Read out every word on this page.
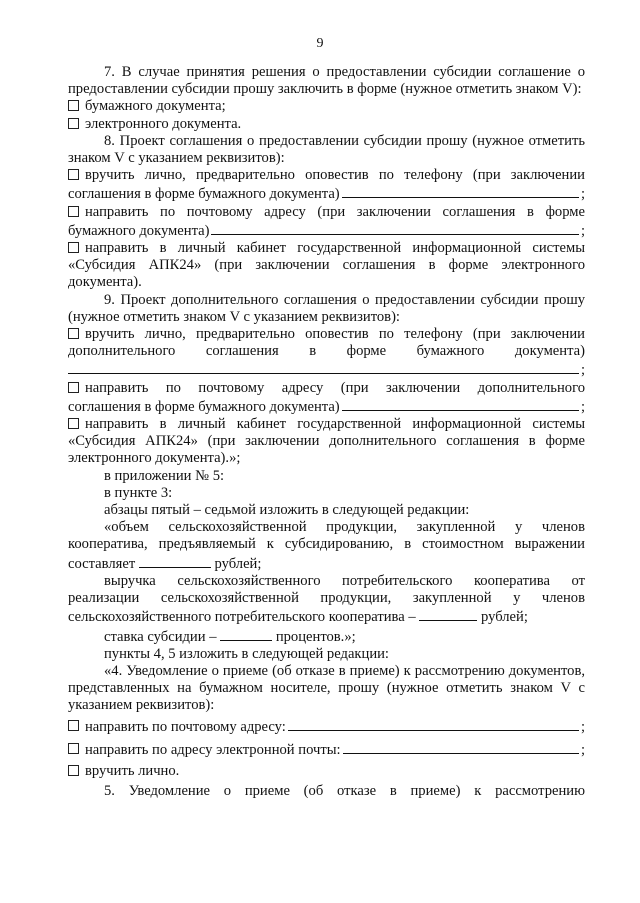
9

7. В случае принятия решения о предоставлении субсидии соглашение о предоставлении субсидии прошу заключить в форме (нужное отметить знаком V):

бумажного документа;

электронного документа.

8. Проект соглашения о предоставлении субсидии прошу (нужное отметить знаком V с указанием реквизитов):

вручить лично, предварительно оповестив по телефону (при заключении

соглашения в форме бумажного документа)	;

направить по почтовому адресу (при заключении соглашения в форме

бумажного документа)	;

направить в личный кабинет государственной информационной системы «Субсидия АПК24» (при заключении соглашения в форме электронного документа).

9. Проект дополнительного соглашения о предоставлении субсидии прошу (нужное отметить знаком V с указанием реквизитов):

вручить лично, предварительно оповестив по телефону (при заключении

дополнительного соглашения в форме бумажного документа)

;

направить по почтовому адресу (при заключении дополнительного

соглашения в форме бумажного документа)	;

направить в личный кабинет государственной информационной системы «Субсидия АПК24» (при заключении дополнительного соглашения в форме электронного документа).»;

в приложении № 5:

в пункте 3:

абзацы пятый – седьмой изложить в следующей редакции:

«объем сельскохозяйственной продукции, закупленной у членов кооператива, предъявляемый к субсидированию, в стоимостном выражении составляет	рублей;

выручка сельскохозяйственного потребительского кооператива от реализации сельскохозяйственной продукции, закупленной у членов сельскохозяйственного потребительского кооператива –	рублей;

ставка субсидии –	процентов.»;

пункты 4, 5 изложить в следующей редакции:

«4. Уведомление о приеме (об отказе в приеме) к рассмотрению документов, представленных на бумажном носителе, прошу (нужное отметить знаком V с указанием реквизитов):

направить по почтовому адресу:	;
направить по адресу электронной почты:	;

вручить лично.

5. Уведомление о приеме (об отказе в приеме) к рассмотрению
